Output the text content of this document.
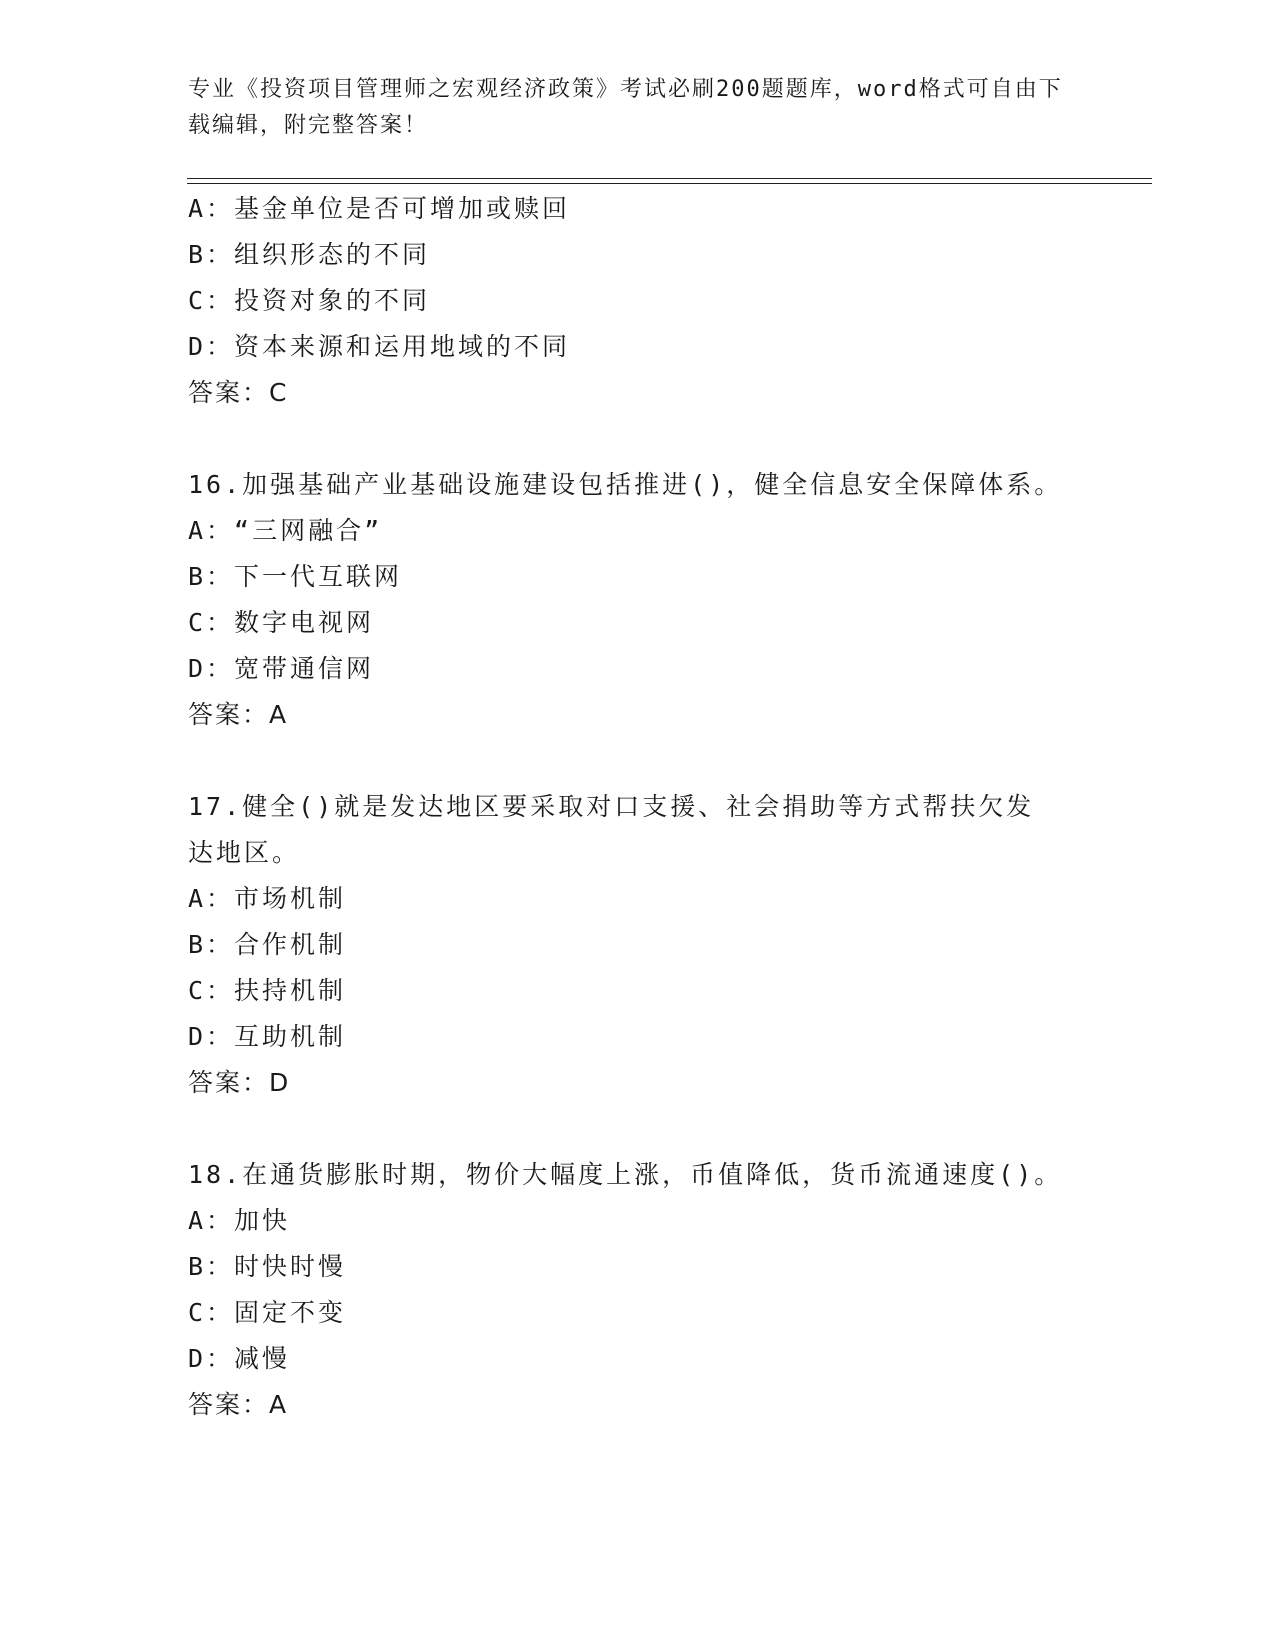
专业《投资项目管理师之宏观经济政策》考试必刷200题题库，word格式可自由下载编辑，附完整答案！
A：基金单位是否可增加或赎回
B：组织形态的不同
C：投资对象的不同
D：资本来源和运用地域的不同
答案：C
16.加强基础产业基础设施建设包括推进()，健全信息安全保障体系。
A：“三网融合”
B：下一代互联网
C：数字电视网
D：宽带通信网
答案：A
17.健全()就是发达地区要采取对口支援、社会捐助等方式帮扶欠发达地区。
A：市场机制
B：合作机制
C：扶持机制
D：互助机制
答案：D
18.在通货膨胀时期，物价大幅度上涨，币值降低，货币流通速度()。
A：加快
B：时快时慢
C：固定不变
D：减慢
答案：A
